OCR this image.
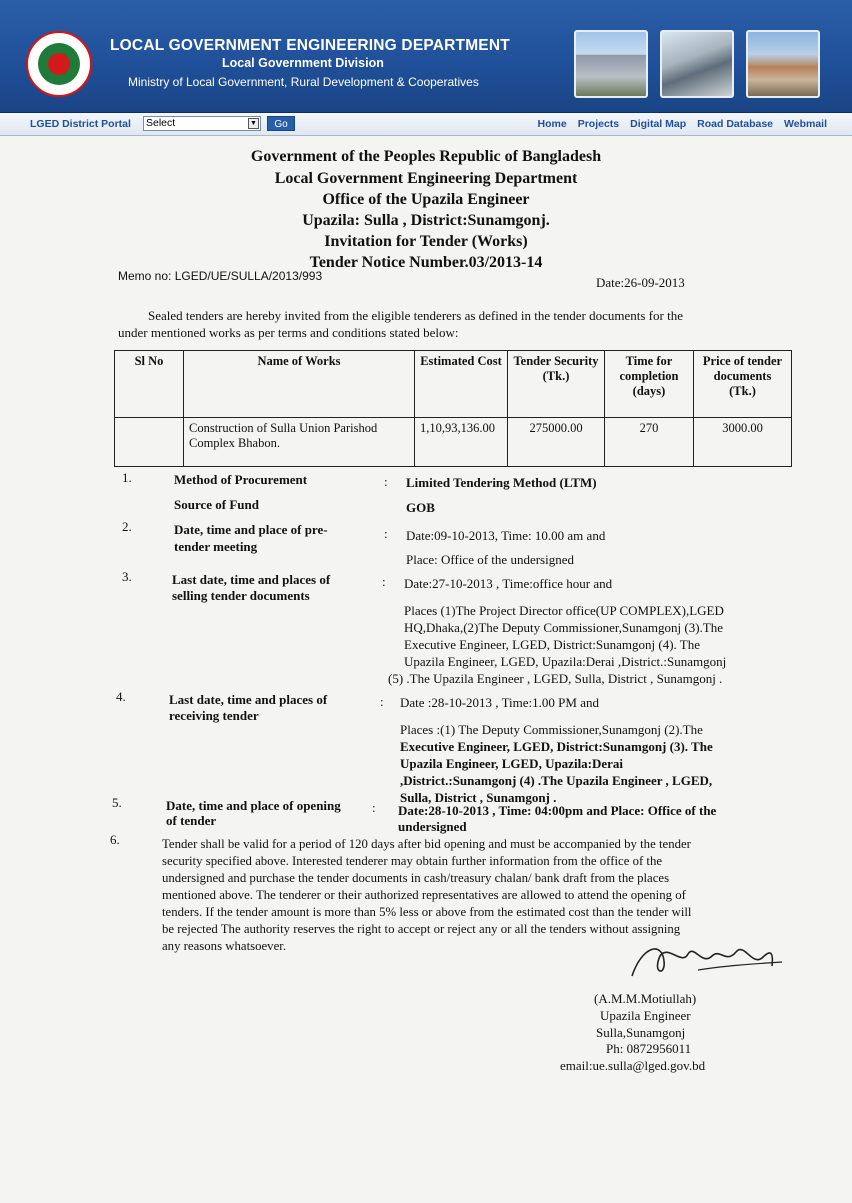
LOCAL GOVERNMENT ENGINEERING DEPARTMENT
Local Government Division
Ministry of Local Government, Rural Development & Cooperatives
LGED District Portal Select	▼	Go	Home Projects Digital Map Road Database Webmail
Government of the Peoples Republic of Bangladesh
Local Government Engineering Department
Office of the Upazila Engineer
Upazila: Sulla , District:Sunamgonj.
Invitation for Tender (Works)
Tender Notice Number.03/2013-14
Memo no: LGED/UE/SULLA/2013/993	Date:26-09-2013
Sealed tenders are hereby invited from the eligible tenderers as defined in the tender documents for the
under mentioned works as per terms and conditions stated below:
Sl No	Name of Works	Estimated Cost	Tender Security (Tk.)	Time for completion (days)	Price of tender documents (Tk.)
	Construction of Sulla Union Parishod Complex Bhabon.	1,10,93,136.00	275000.00	270	3000.00
1.	Method of Procurement	: Limited Tendering Method (LTM)
Source of Fund	GOB
2.	Date, time and place of pre-
tender meeting
: Date:09-10-2013, Time: 10.00 am and
Place: Office of the undersigned
3.	Last date, time and places of
selling tender documents
: Date:27-10-2013 , Time:office hour and
Places (1)The Project Director office(UP COMPLEX),LGED
HQ,Dhaka,(2)The Deputy Commissioner,Sunamgonj (3).The
Executive Engineer, LGED, District:Sunamgonj (4). The
Upazila Engineer, LGED, Upazila:Derai ,District.:Sunamgonj
(5) .The Upazila Engineer , LGED, Sulla, District , Sunamgonj .
4.	Last date, time and places of
receiving tender
: Date :28-10-2013 , Time:1.00 PM and
Places :(1) The Deputy Commissioner,Sunamgonj (2).The
Executive Engineer, LGED, District:Sunamgonj (3). The
Upazila Engineer, LGED, Upazila:Derai
,District.:Sunamgonj (4) .The Upazila Engineer , LGED,
Sulla, District , Sunamgonj .
5.	Date, time and place of opening
of tender
: Date:28-10-2013 , Time: 04:00pm and Place: Office of the
undersigned
6.	Tender shall be valid for a period of 120 days after bid opening and must be accompanied by the tender
security specified above. Interested tenderer may obtain further information from the office of the
undersigned and purchase the tender documents in cash/treasury chalan/ bank draft from the places
mentioned above. The tenderer or their authorized representatives are allowed to attend the opening of
tenders. If the tender amount is more than 5% less or above from the estimated cost than the tender will
be rejected The authority reserves the right to accept or reject any or all the tenders without assigning
any reasons whatsoever.
(A.M.M.Motiullah)
Upazila Engineer
Sulla,Sunamgonj
Ph: 0872956011
email:ue.sulla@lged.gov.bd
